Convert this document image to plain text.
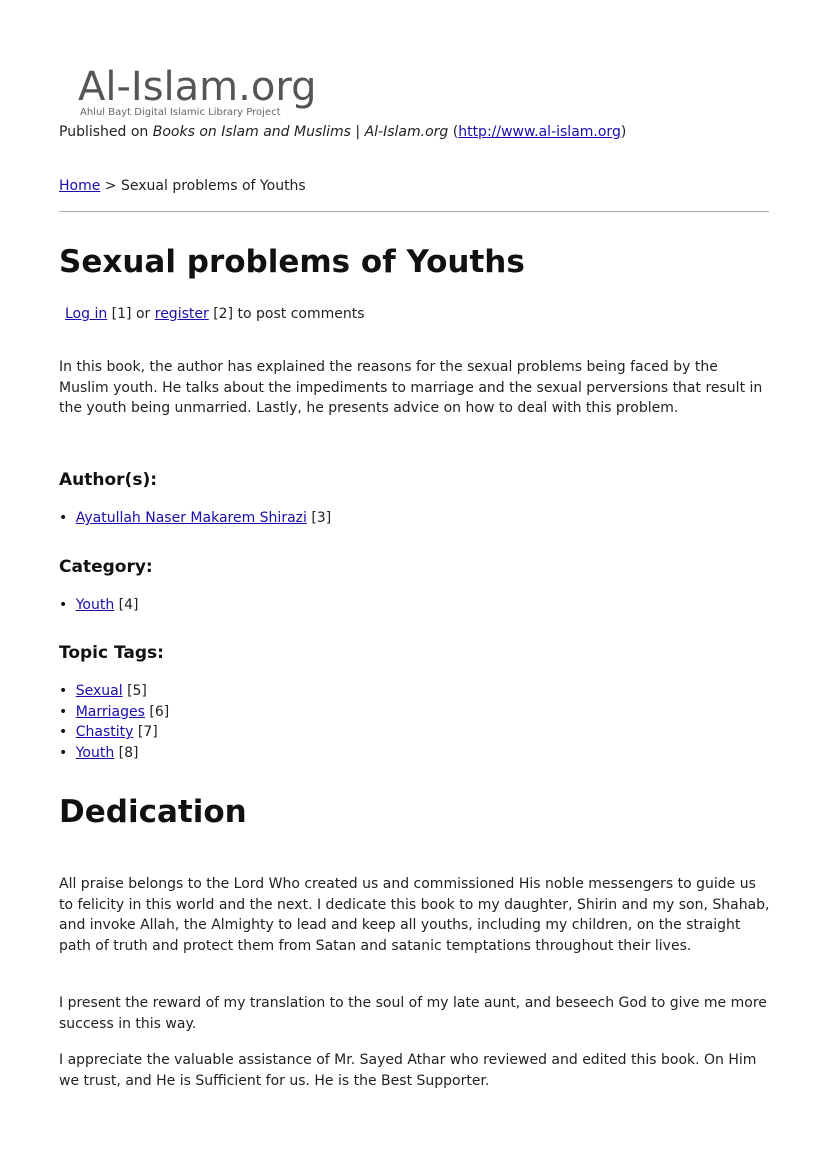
Al-Islam.org
Ahlul Bayt Digital Islamic Library Project
Published on Books on Islam and Muslims | Al-Islam.org (http://www.al-islam.org)
Home > Sexual problems of Youths
Sexual problems of Youths
Log in [1] or register [2] to post comments

In this book, the author has explained the reasons for the sexual problems being faced by the Muslim youth. He talks about the impediments to marriage and the sexual perversions that result in the youth being unmarried. Lastly, he presents advice on how to deal with this problem.

Author(s):
• Ayatullah Naser Makarem Shirazi [3]
Category:
• Youth [4]
Topic Tags:
• Sexual [5]
• Marriages [6]
• Chastity [7]
• Youth [8]
Dedication

All praise belongs to the Lord Who created us and commissioned His noble messengers to guide us to felicity in this world and the next. I dedicate this book to my daughter, Shirin and my son, Shahab, and invoke Allah, the Almighty to lead and keep all youths, including my children, on the straight path of truth and protect them from Satan and satanic temptations throughout their lives.

I present the reward of my translation to the soul of my late aunt, and beseech God to give me more success in this way.

I appreciate the valuable assistance of Mr. Sayed Athar who reviewed and edited this book. On Him we trust, and He is Sufficient for us. He is the Best Supporter.
